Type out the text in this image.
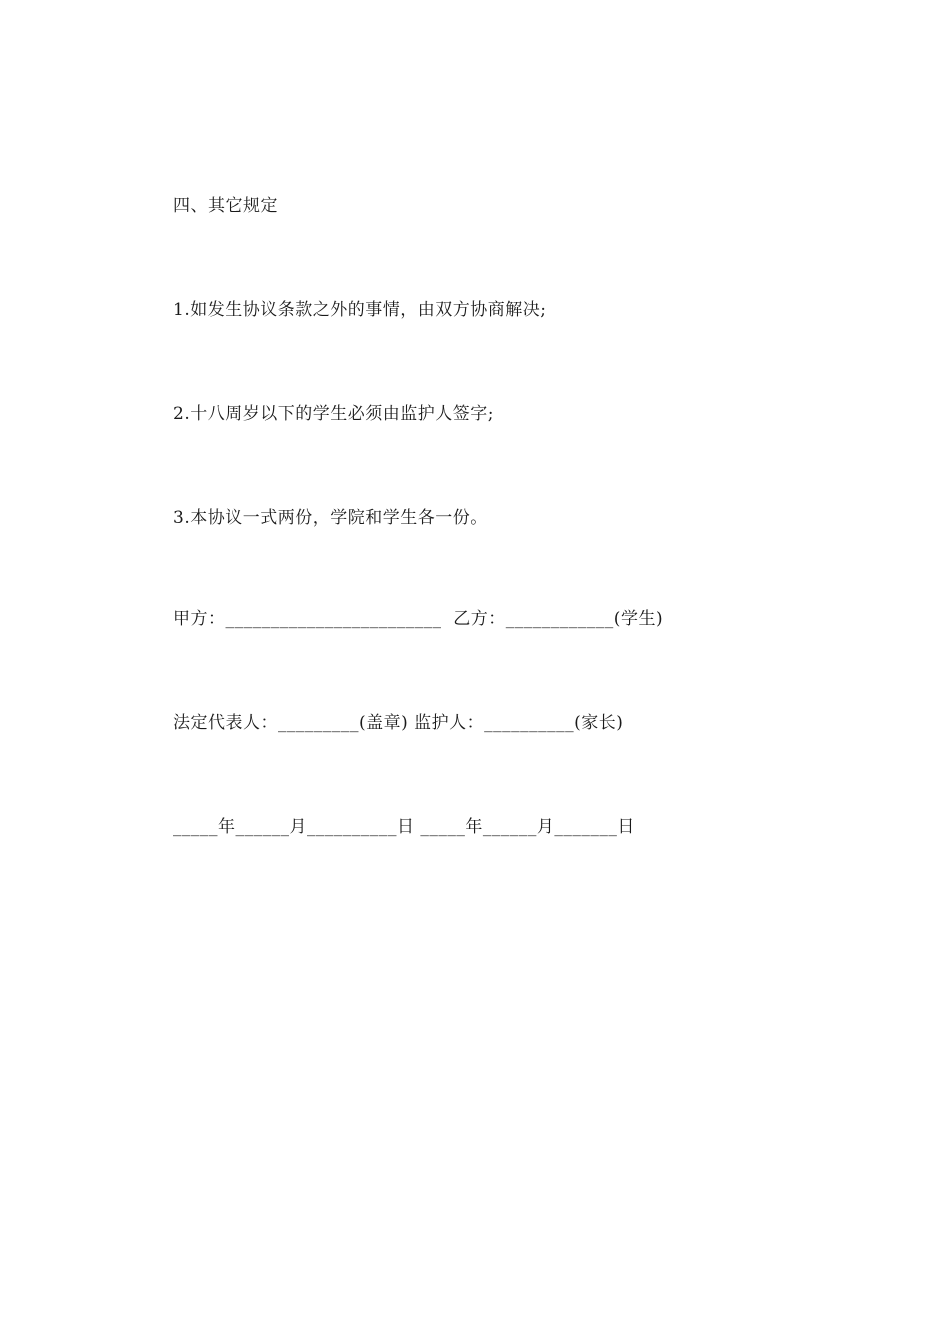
四、其它规定
1.如发生协议条款之外的事情，由双方协商解决;
2.十八周岁以下的学生必须由监护人签字;
3.本协议一式两份，学院和学生各一份。
甲方：________________________  乙方：____________(学生)
法定代表人：_________(盖章) 监护人：__________(家长)
_____年______月__________日 _____年______月_______日
